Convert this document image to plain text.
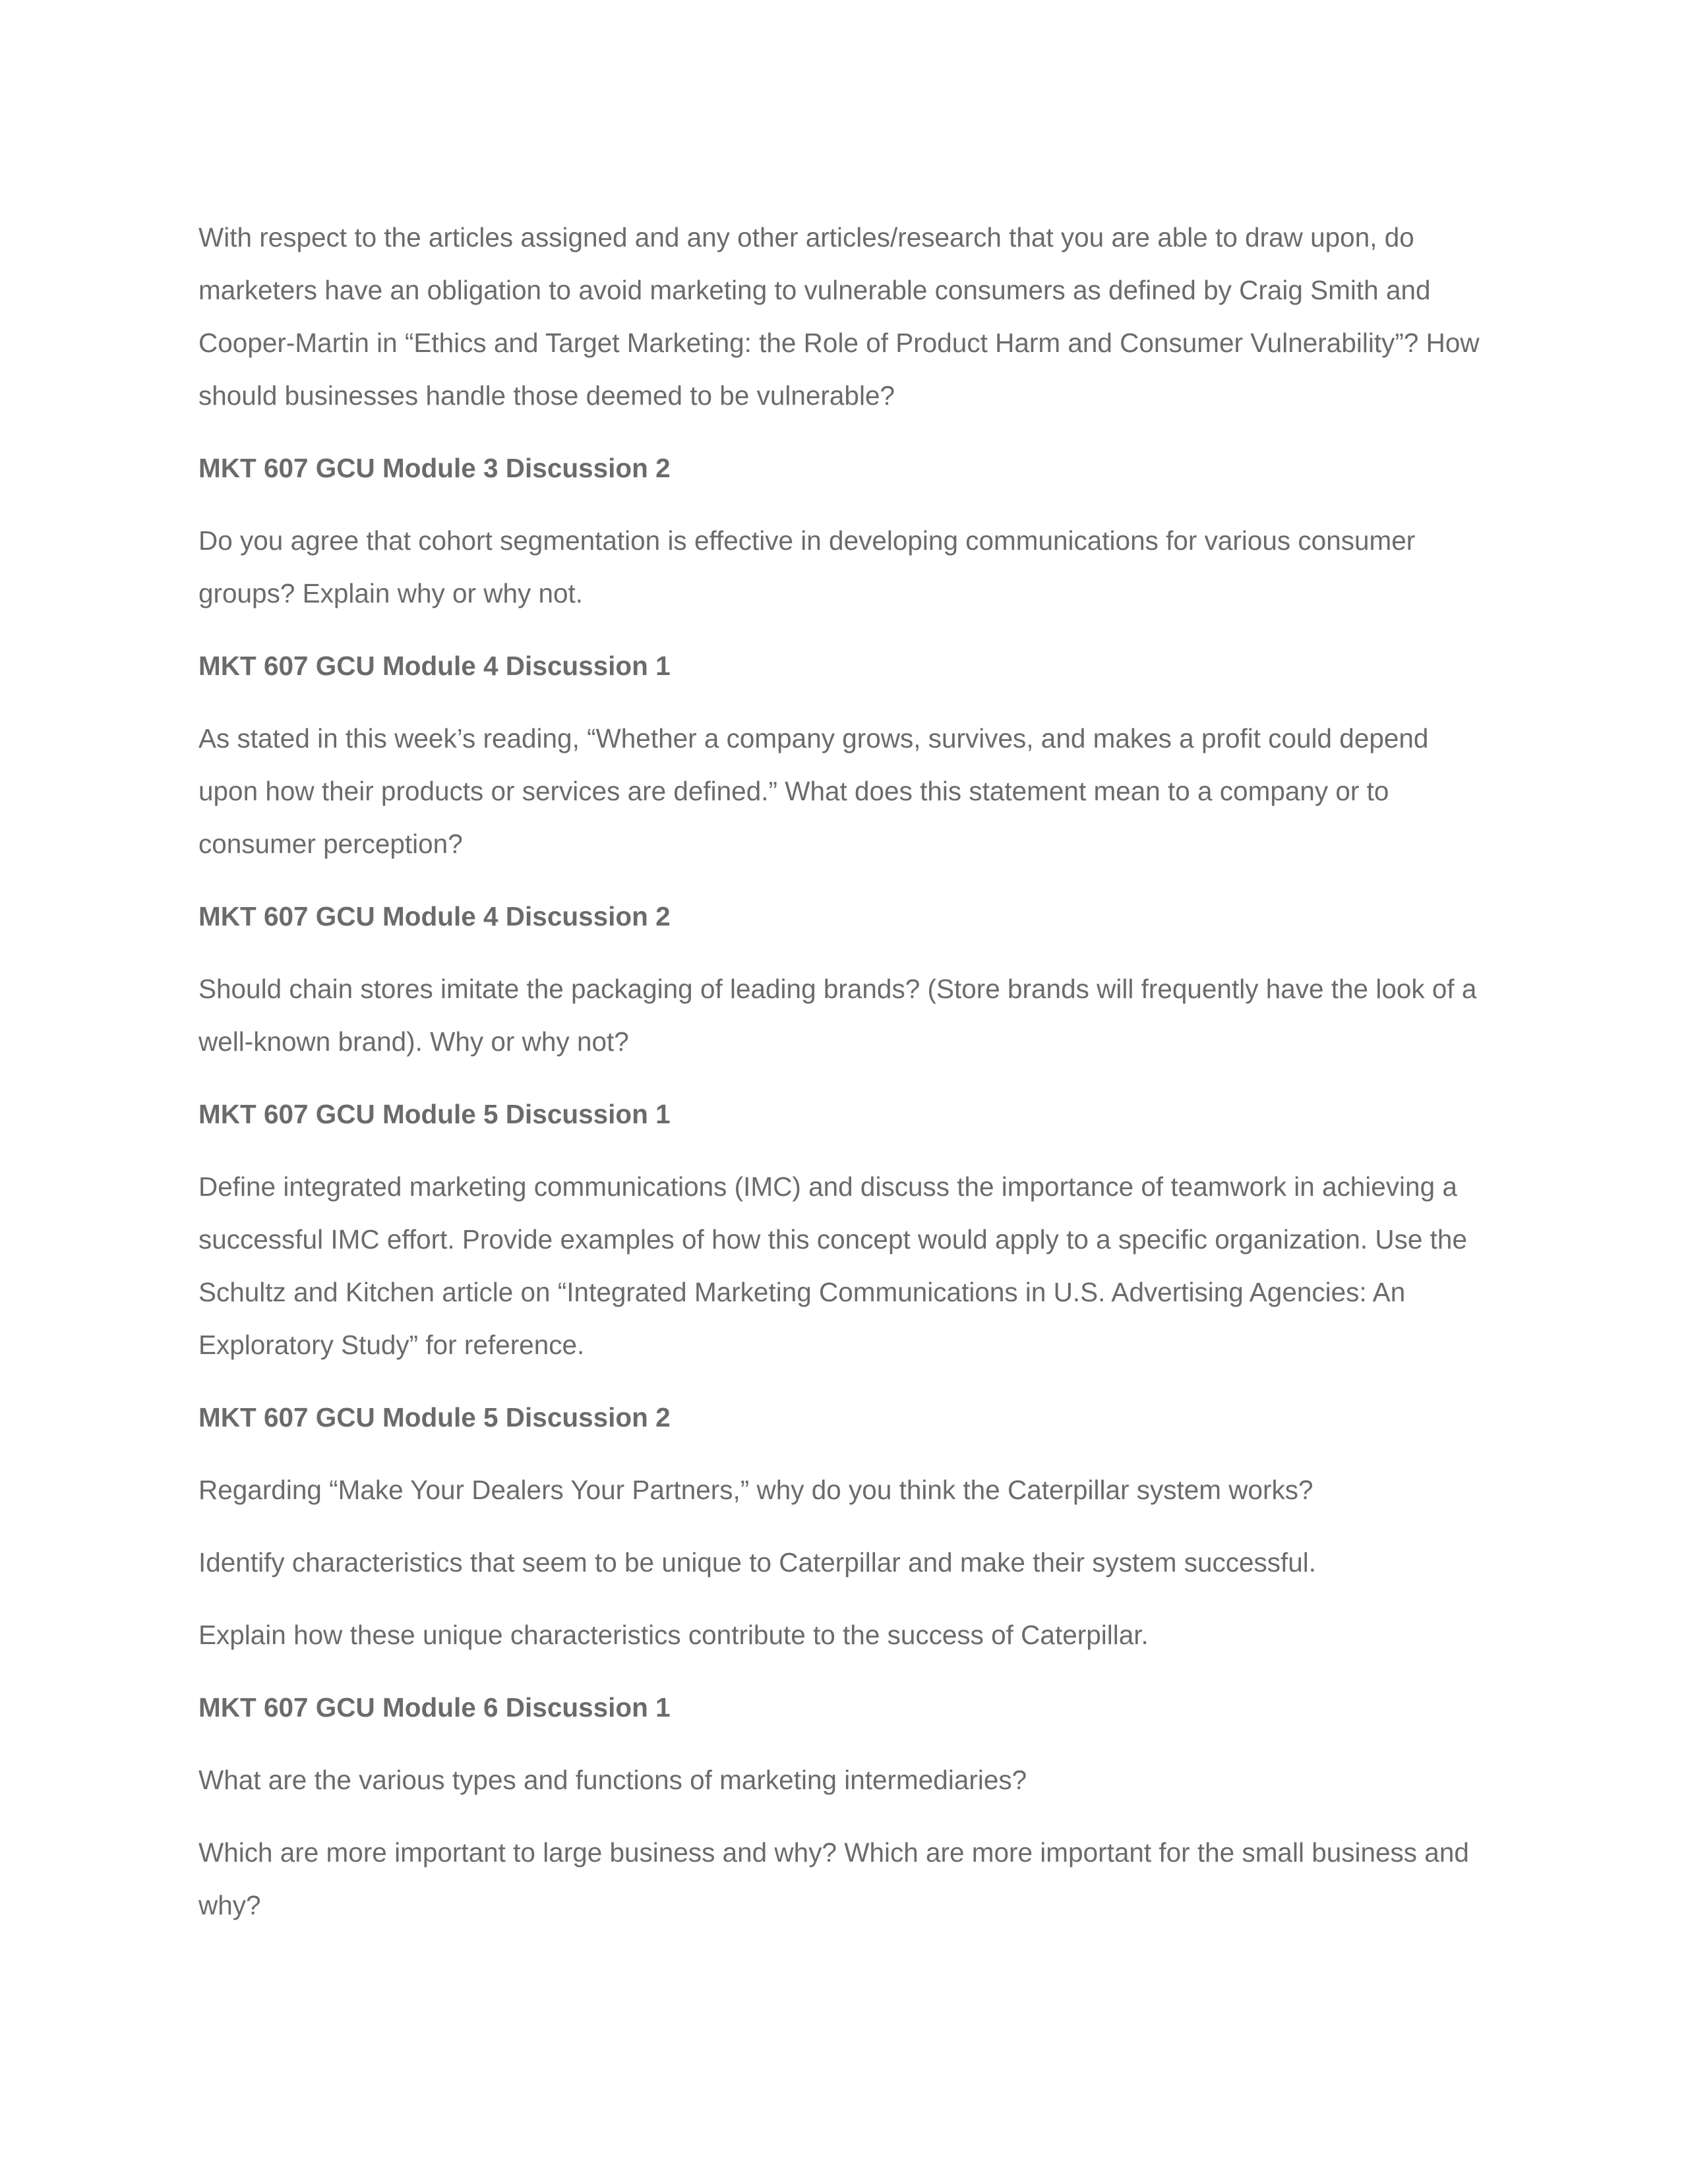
With respect to the articles assigned and any other articles/research that you are able to draw upon, do marketers have an obligation to avoid marketing to vulnerable consumers as defined by Craig Smith and Cooper-Martin in “Ethics and Target Marketing: the Role of Product Harm and Consumer Vulnerability”? How should businesses handle those deemed to be vulnerable?

MKT 607 GCU Module 3 Discussion 2

Do you agree that cohort segmentation is effective in developing communications for various consumer groups? Explain why or why not.

MKT 607 GCU Module 4 Discussion 1

As stated in this week’s reading, “Whether a company grows, survives, and makes a profit could depend upon how their products or services are defined.” What does this statement mean to a company or to consumer perception?

MKT 607 GCU Module 4 Discussion 2

Should chain stores imitate the packaging of leading brands? (Store brands will frequently have the look of a well-known brand). Why or why not?

MKT 607 GCU Module 5 Discussion 1

Define integrated marketing communications (IMC) and discuss the importance of teamwork in achieving a successful IMC effort. Provide examples of how this concept would apply to a specific organization. Use the Schultz and Kitchen article on “Integrated Marketing Communications in U.S. Advertising Agencies: An Exploratory Study” for reference.

MKT 607 GCU Module 5 Discussion 2

Regarding “Make Your Dealers Your Partners,” why do you think the Caterpillar system works?

Identify characteristics that seem to be unique to Caterpillar and make their system successful.

Explain how these unique characteristics contribute to the success of Caterpillar.

MKT 607 GCU Module 6 Discussion 1

What are the various types and functions of marketing intermediaries?

Which are more important to large business and why? Which are more important for the small business and why?
